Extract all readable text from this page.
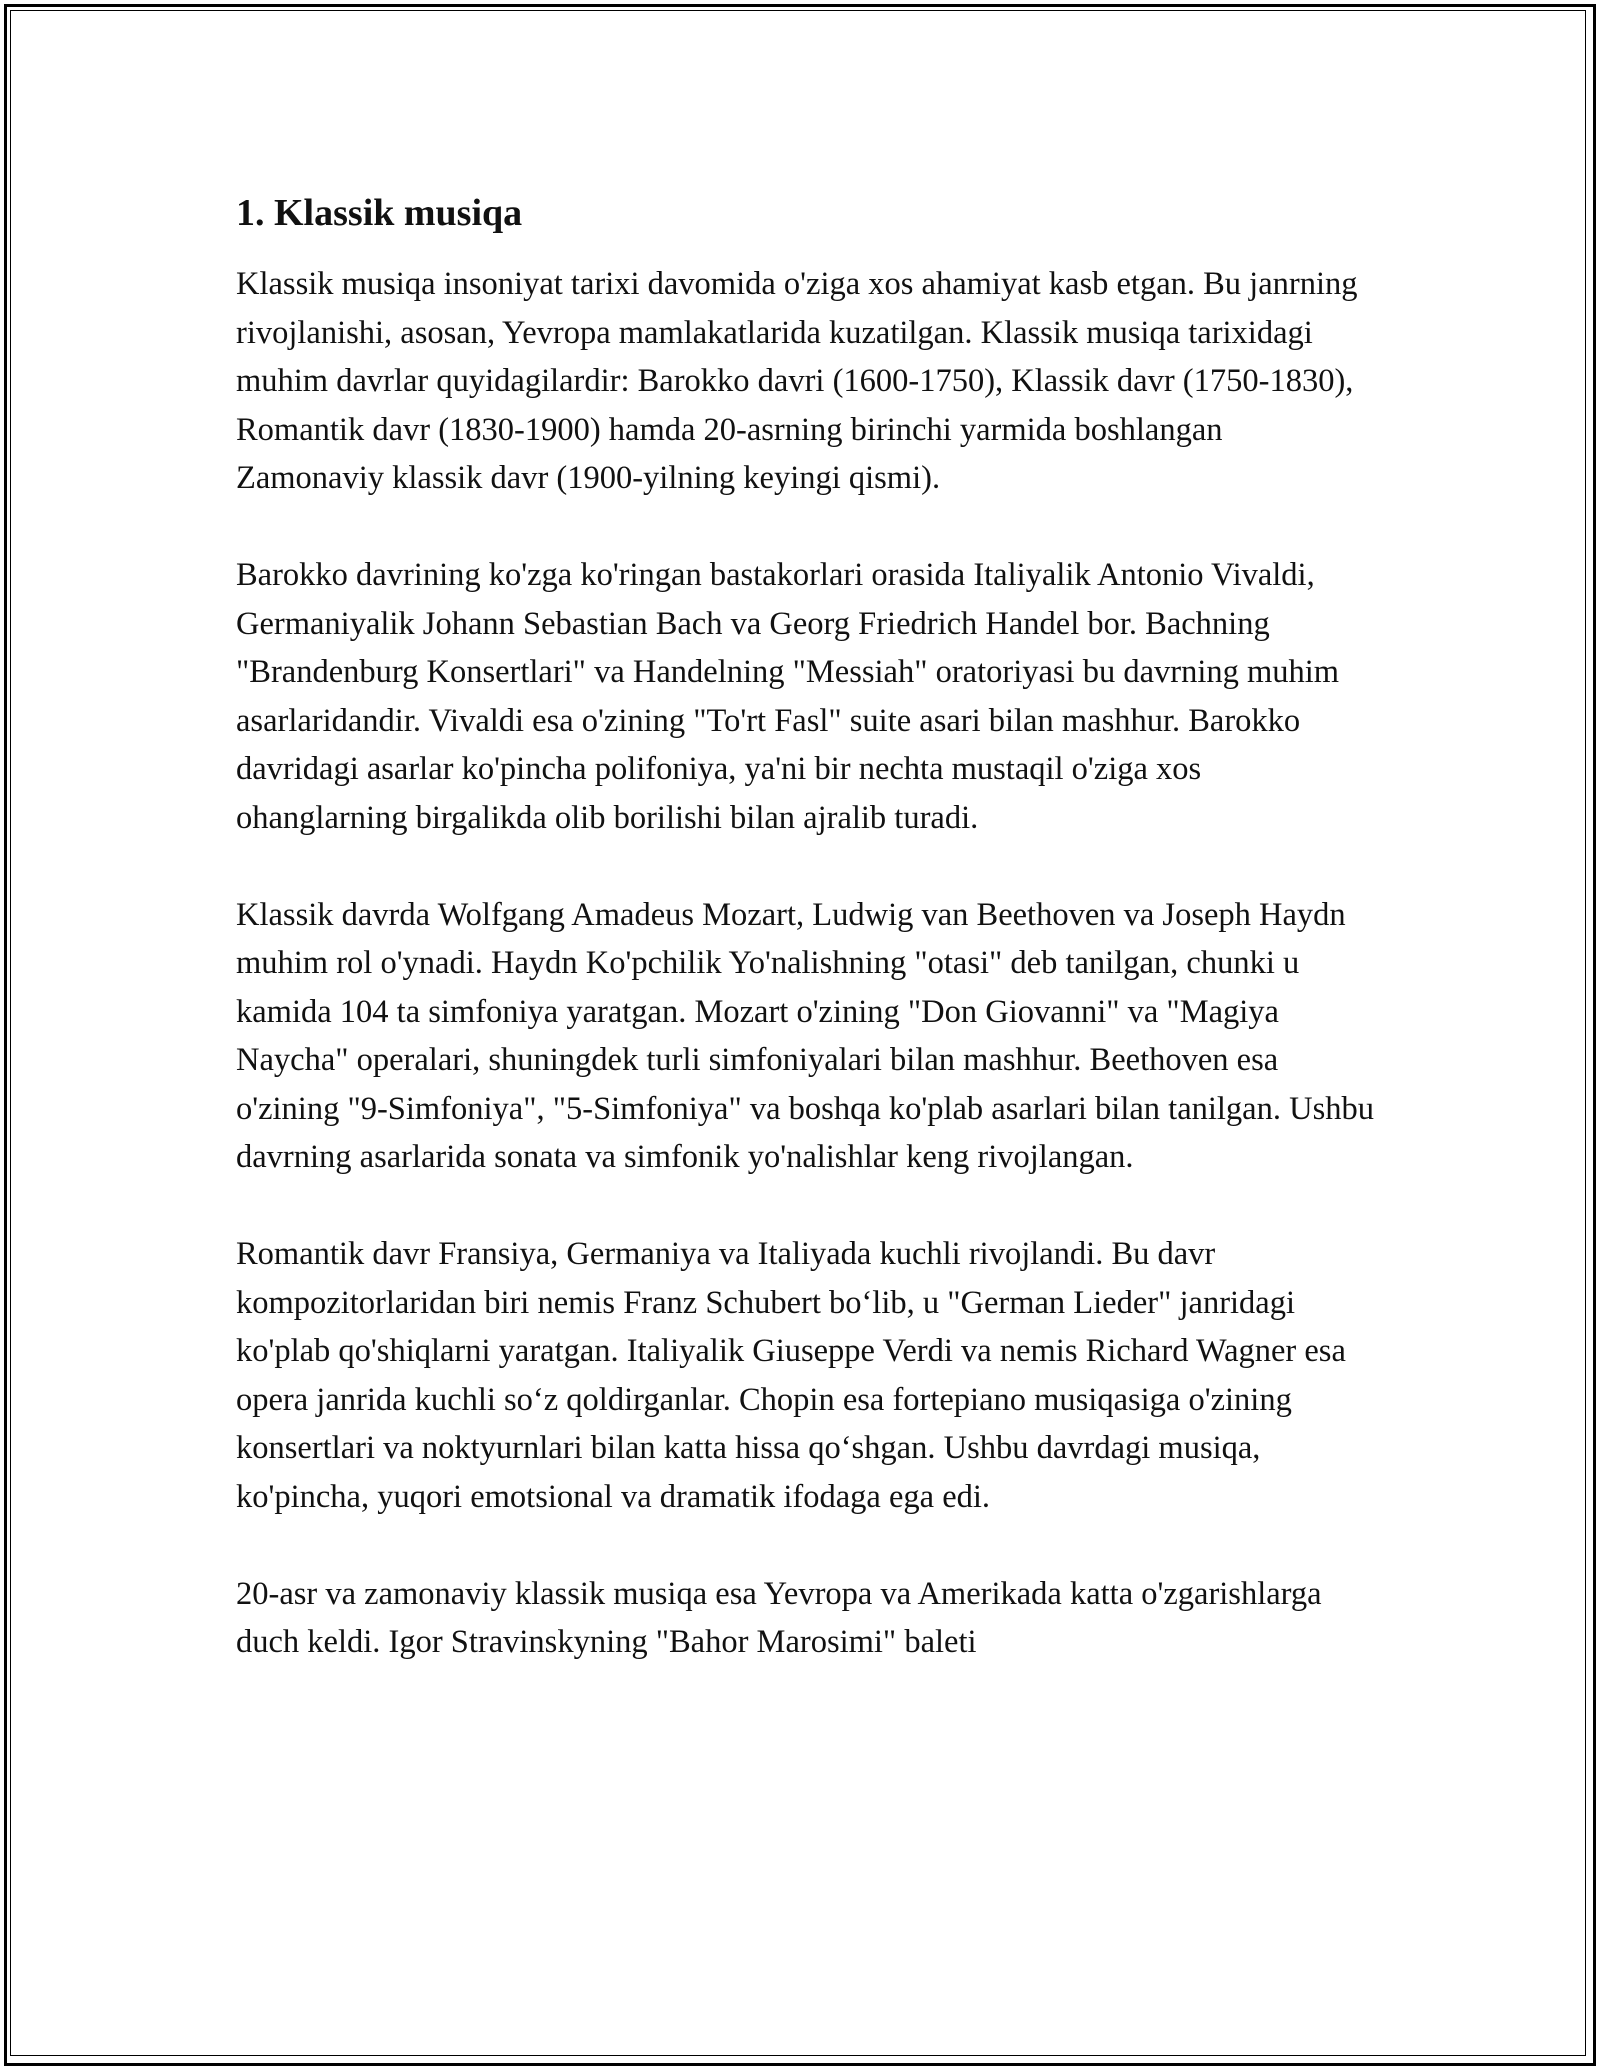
1. Klassik musiqa

Klassik musiqa insoniyat tarixi davomida o'ziga xos ahamiyat kasb etgan. Bu janrning rivojlanishi, asosan, Yevropa mamlakatlarida kuzatilgan. Klassik musiqa tarixidagi muhim davrlar quyidagilardir: Barokko davri (1600-1750), Klassik davr (1750-1830), Romantik davr (1830-1900) hamda 20-asrning birinchi yarmida boshlangan Zamonaviy klassik davr (1900-yilning keyingi qismi).

Barokko davrining ko'zga ko'ringan bastakorlari orasida Italiyalik Antonio Vivaldi, Germaniyalik Johann Sebastian Bach va Georg Friedrich Handel bor. Bachning "Brandenburg Konsertlari" va Handelning "Messiah" oratoriyasi bu davrning muhim asarlaridandir. Vivaldi esa o'zining "To'rt Fasl" suite asari bilan mashhur. Barokko davridagi asarlar ko'pincha polifoniya, ya'ni bir nechta mustaqil o'ziga xos ohanglarning birgalikda olib borilishi bilan ajralib turadi.

Klassik davrda Wolfgang Amadeus Mozart, Ludwig van Beethoven va Joseph Haydn muhim rol o'ynadi. Haydn Ko'pchilik Yo'nalishning "otasi" deb tanilgan, chunki u kamida 104 ta simfoniya yaratgan. Mozart o'zining "Don Giovanni" va "Magiya Naycha" operalari, shuningdek turli simfoniyalari bilan mashhur. Beethoven esa o'zining "9-Simfoniya", "5-Simfoniya" va boshqa ko'plab asarlari bilan tanilgan. Ushbu davrning asarlarida sonata va simfonik yo'nalishlar keng rivojlangan.

Romantik davr Fransiya, Germaniya va Italiyada kuchli rivojlandi. Bu davr kompozitorlaridan biri nemis Franz Schubert boʻlib, u "German Lieder" janridagi ko'plab qo'shiqlarni yaratgan. Italiyalik Giuseppe Verdi va nemis Richard Wagner esa opera janrida kuchli soʻz qoldirganlar. Chopin esa fortepiano musiqasiga o'zining konsertlari va noktyurnlari bilan katta hissa qoʻshgan. Ushbu davrdagi musiqa, ko'pincha, yuqori emotsional va dramatik ifodaga ega edi.

20-asr va zamonaviy klassik musiqa esa Yevropa va Amerikada katta o'zgarishlarga duch keldi. Igor Stravinskyning "Bahor Marosimi" baleti
